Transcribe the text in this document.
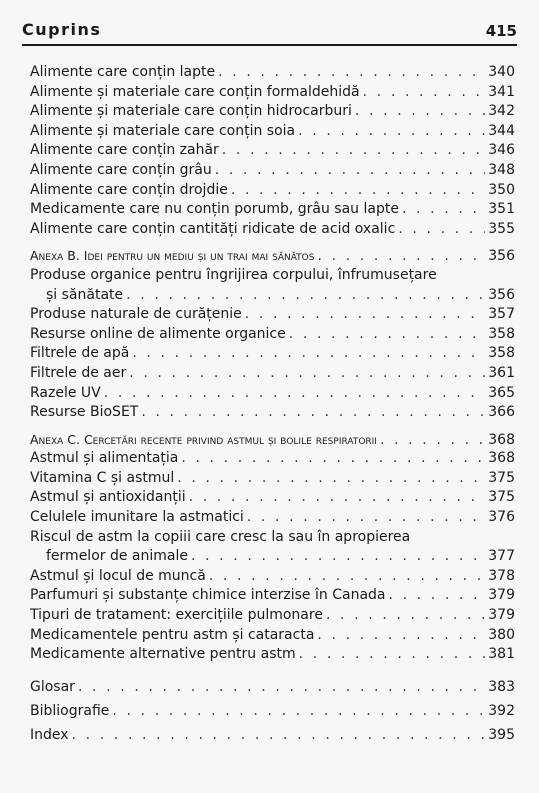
Cuprins	415
Alimente care conțin lapte . . .	340
Alimente și materiale care conțin formaldehidă . . .	341
Alimente și materiale care conțin hidrocarburi . . .	342
Alimente și materiale care conțin soia . . .	344
Alimente care conțin zahăr . . .	346
Alimente care conțin grâu . . .	348
Alimente care conțin drojdie . . .	350
Medicamente care nu conțin porumb, grâu sau lapte . . .	351
Alimente care conțin cantități ridicate de acid oxalic . . .	355
Anexa B. Idei pentru un mediu și un trai mai sănătos . . .	356
Produse organice pentru îngrijirea corpului, înfrumusețare
și sănătate . . .	356
Produse naturale de curățenie . . .	357
Resurse online de alimente organice . . .	358
Filtrele de apă . . .	358
Filtrele de aer . . .	361
Razele UV . . .	365
Resurse BioSET . . .	366
Anexa C. Cercetări recente privind astmul și bolile respiratorii . . .	368
Astmul și alimentația . . .	368
Vitamina C și astmul . . .	375
Astmul și antioxidanții . . .	375
Celulele imunitare la astmatici . . .	376
Riscul de astm la copiii care cresc la sau în apropierea
fermelor de animale . . .	377
Astmul și locul de muncă . . .	378
Parfumuri și substanțe chimice interzise în Canada . . .	379
Tipuri de tratament: exercițiile pulmonare . . .	379
Medicamentele pentru astm și cataracta . . .	380
Medicamente alternative pentru astm . . .	381
Glosar . . .	383
Bibliografie . . .	392
Index . . .	395
